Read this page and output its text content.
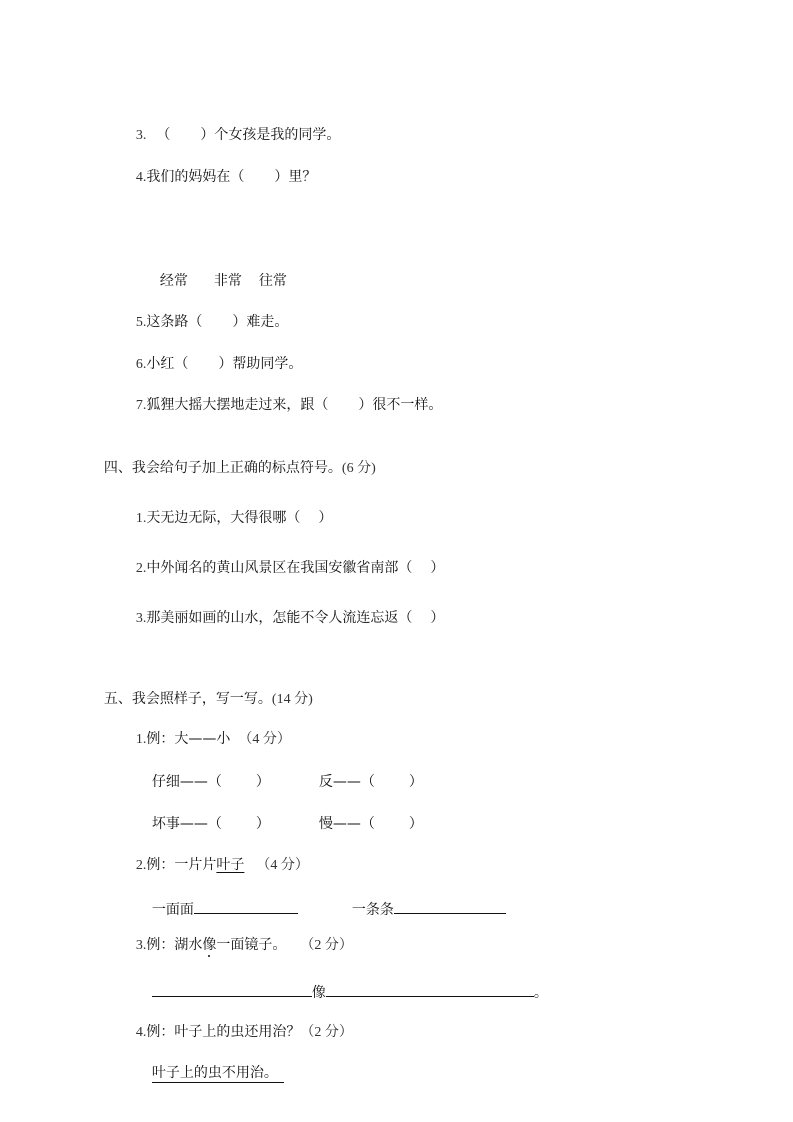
3. （ ）个女孩是我的同学。

4.我们的妈妈在（ ）里？

经常 非常 往常

5.这条路（ ）难走。

6.小红（ ）帮助同学。

7.狐狸大摇大摆地走过来，跟（ ）很不一样。

四、我会给句子加上正确的标点符号。(6 分)

1.天无边无际，大得很哪（ ）

2.中外闻名的黄山风景区在我国安徽省南部（ ）

3.那美丽如画的山水，怎能不令人流连忘返（ ）

五、我会照样子，写一写。(14 分)

1.例：大——小 （4 分）

仔细——（ ）	反——（ ）

坏事——（ ）	慢——（ ）

2.例：一片片叶子 （4 分）

一面面	一条条

3.例：湖水像一面镜子。 （2 分）

像	。

4.例：叶子上的虫还用治？（2 分）

叶子上的虫不用治。
